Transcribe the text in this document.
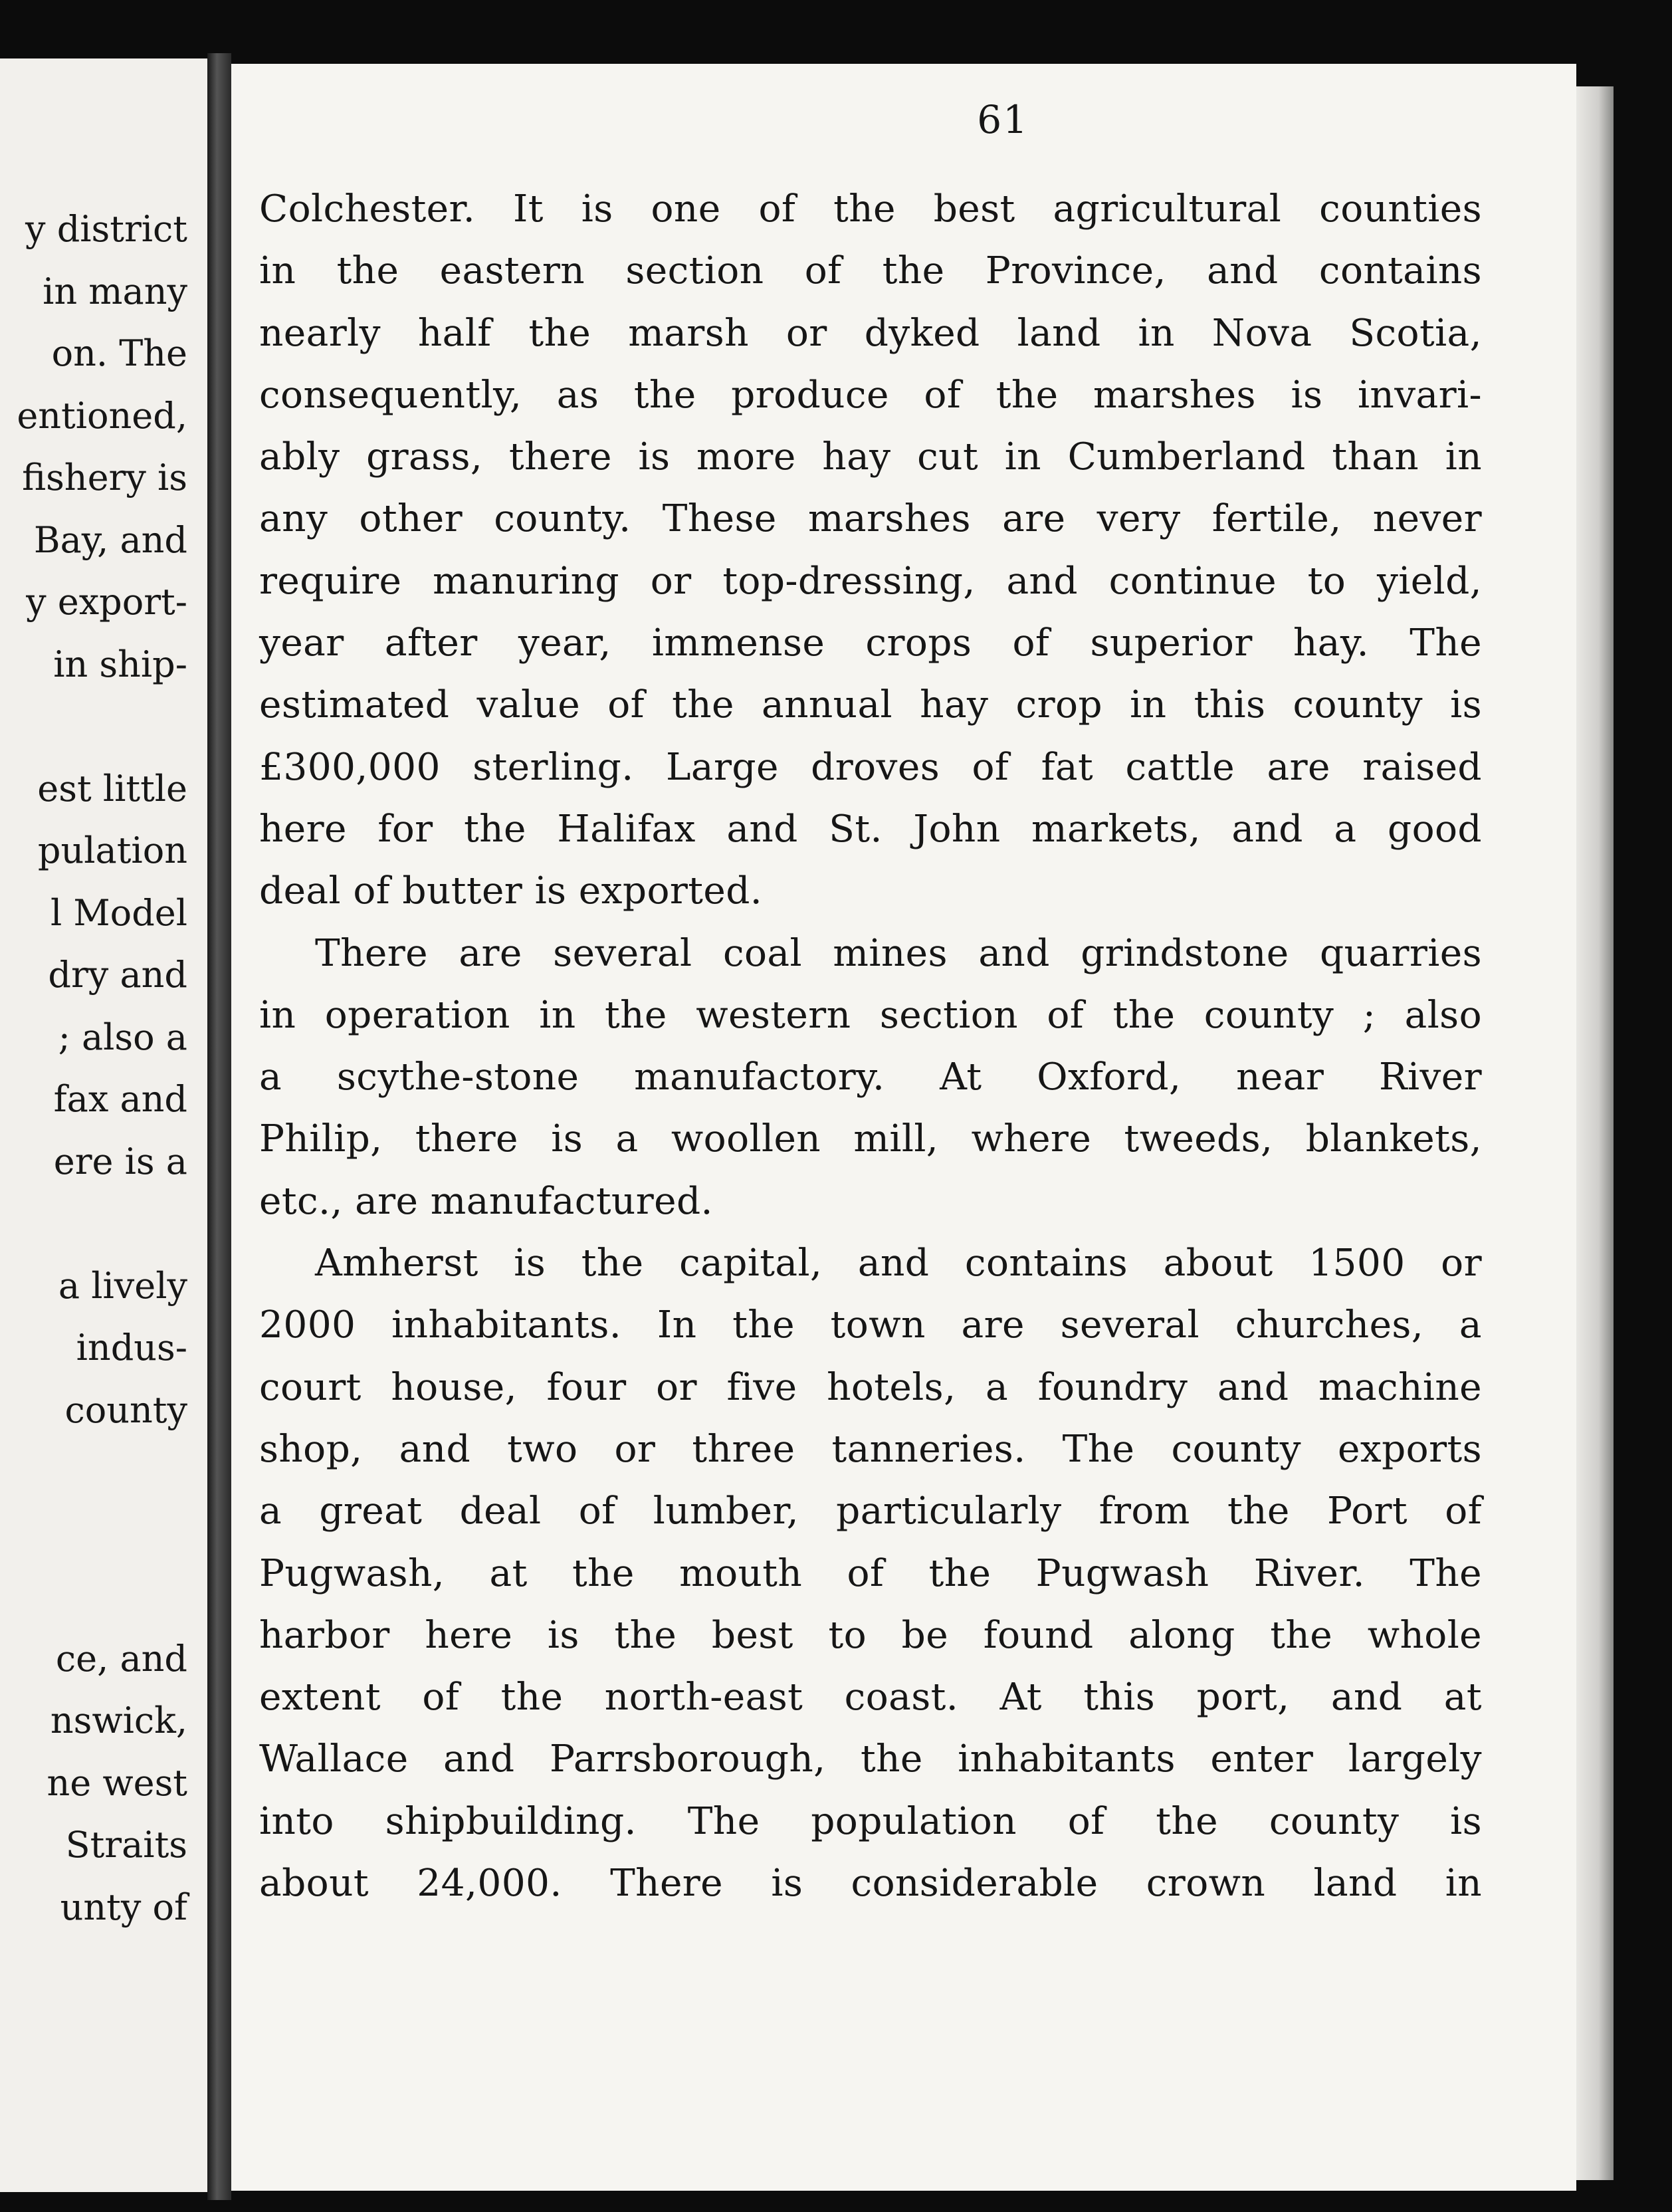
y district
in many
on. The
entioned,
fishery is
Bay, and
y export-
in ship-
est little
pulation
l Model
dry and
; also a
fax and
ere is a
a lively
indus-
county
ce, and
nswick,
ne west
Straits
unty of
61
Colchester. It is one of the best agricultural counties
in the eastern section of the Province, and contains
nearly half the marsh or dyked land in Nova Scotia,
consequently, as the produce of the marshes is invari-
ably grass, there is more hay cut in Cumberland than in
any other county. These marshes are very fertile, never
require manuring or top-dressing, and continue to yield,
year after year, immense crops of superior hay. The
estimated value of the annual hay crop in this county is
£300,000 sterling. Large droves of fat cattle are raised
here for the Halifax and St. John markets, and a good
deal of butter is exported.
There are several coal mines and grindstone quarries
in operation in the western section of the county ; also
a scythe-stone manufactory. At Oxford, near River
Philip, there is a woollen mill, where tweeds, blankets,
etc., are manufactured.
Amherst is the capital, and contains about 1500 or
2000 inhabitants. In the town are several churches, a
court house, four or five hotels, a foundry and machine
shop, and two or three tanneries. The county exports
a great deal of lumber, particularly from the Port of
Pugwash, at the mouth of the Pugwash River. The
harbor here is the best to be found along the whole
extent of the north-east coast. At this port, and at
Wallace and Parrsborough, the inhabitants enter largely
into shipbuilding. The population of the county is
about 24,000. There is considerable crown land in
